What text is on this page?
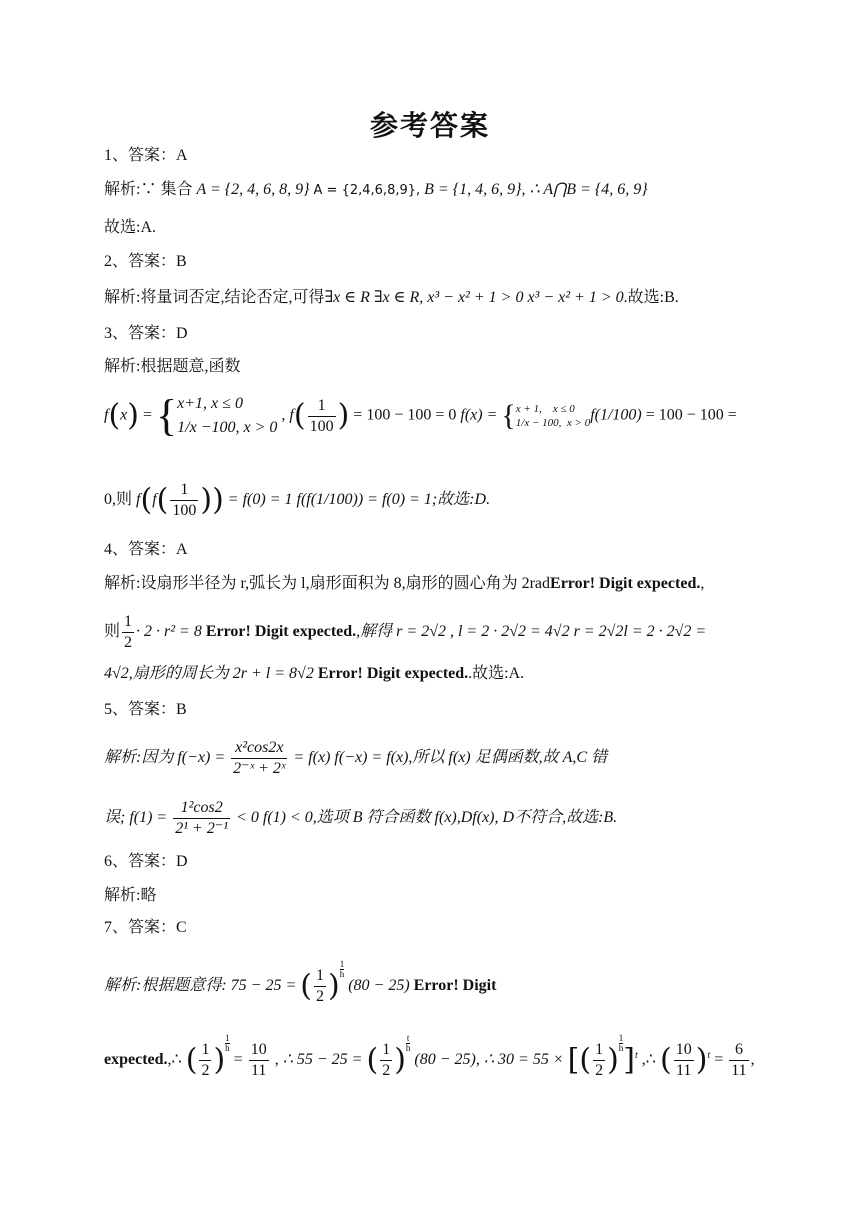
参考答案
1、答案：A
解析:∵ 集合 A = {2, 4, 6, 8, 9} A = {2,4,6,8,9}, B = {1, 4, 6, 9}, ∴ A⋂B = {4, 6, 9}
故选:A.
2、答案：B
解析:将量词否定,结论否定,可得∃x ∈ R ∃x ∈ R, x³ − x² + 1 > 0 x³ − x² + 1 > 0.故选:B.
3、答案：D
解析:根据题意,函数
f(x) = {x+1, x ≤ 0
1/x −100, x > 0 , $f( \frac{1}{100}$ ) = 100 − 100 = 0 f(x) = {x + 1,    x ≤ 0
1/x − 100,  x > 0f(1/100) = 100 − 100 =
0,则 $f(f( \frac{1}{100}$ )) = f(0) = 1 f(f(1/100)) = f(0) = 1;故选:D.
4、答案：A
解析:设扇形半径为 r,弧长为 l,扇形面积为 8,扇形的圆心角为 2radError! Digit expected.,
则 $\frac{1}{2} \cdot 2 \cdot r^2 = 8$ Error! Digit expected.,解得 r = 2√2 , l = 2 · 2√2 = 4√2 r = 2√2l = 2 · 2√2 =
4√2,扇形的周长为 2r + l = 8√2 Error! Digit expected..故选:A.
5、答案：B
解析:因为 $f(-x) = \frac{\text{x²cos2x}}{\text{2⁻ˣ + 2ˣ}} = f(x) f(-x) = f(x)$,所以 f(x) 足偶函数,故 A,C 错
误; $f(1) = \frac{\text{1²cos2}}{\text{2¹ + 2⁻¹}} < 0$ f(1) < 0,选项 B 符合函数 f(x),Df(x), D不符合,故选:B.
6、答案：D
解析:略
7、答案：C
解析:根据题意得: 75 − 25 = ( $\frac{1}{2}$ )
1
h (80 − 25) Error! Digit
expected.,∴ ( $\frac{1}{2}$ )
1
$h = \frac{10}{11}$ , ∴ 55 − 25 = ( $\frac{1}{2}$ )
t
h (80 − 25), ∴ 30 = 55 × [( $\frac{1}{2}$ )
1
h]$^t$ ,∴ ( $\frac{10}{11} )^t = \frac{6}{11}$ ,
